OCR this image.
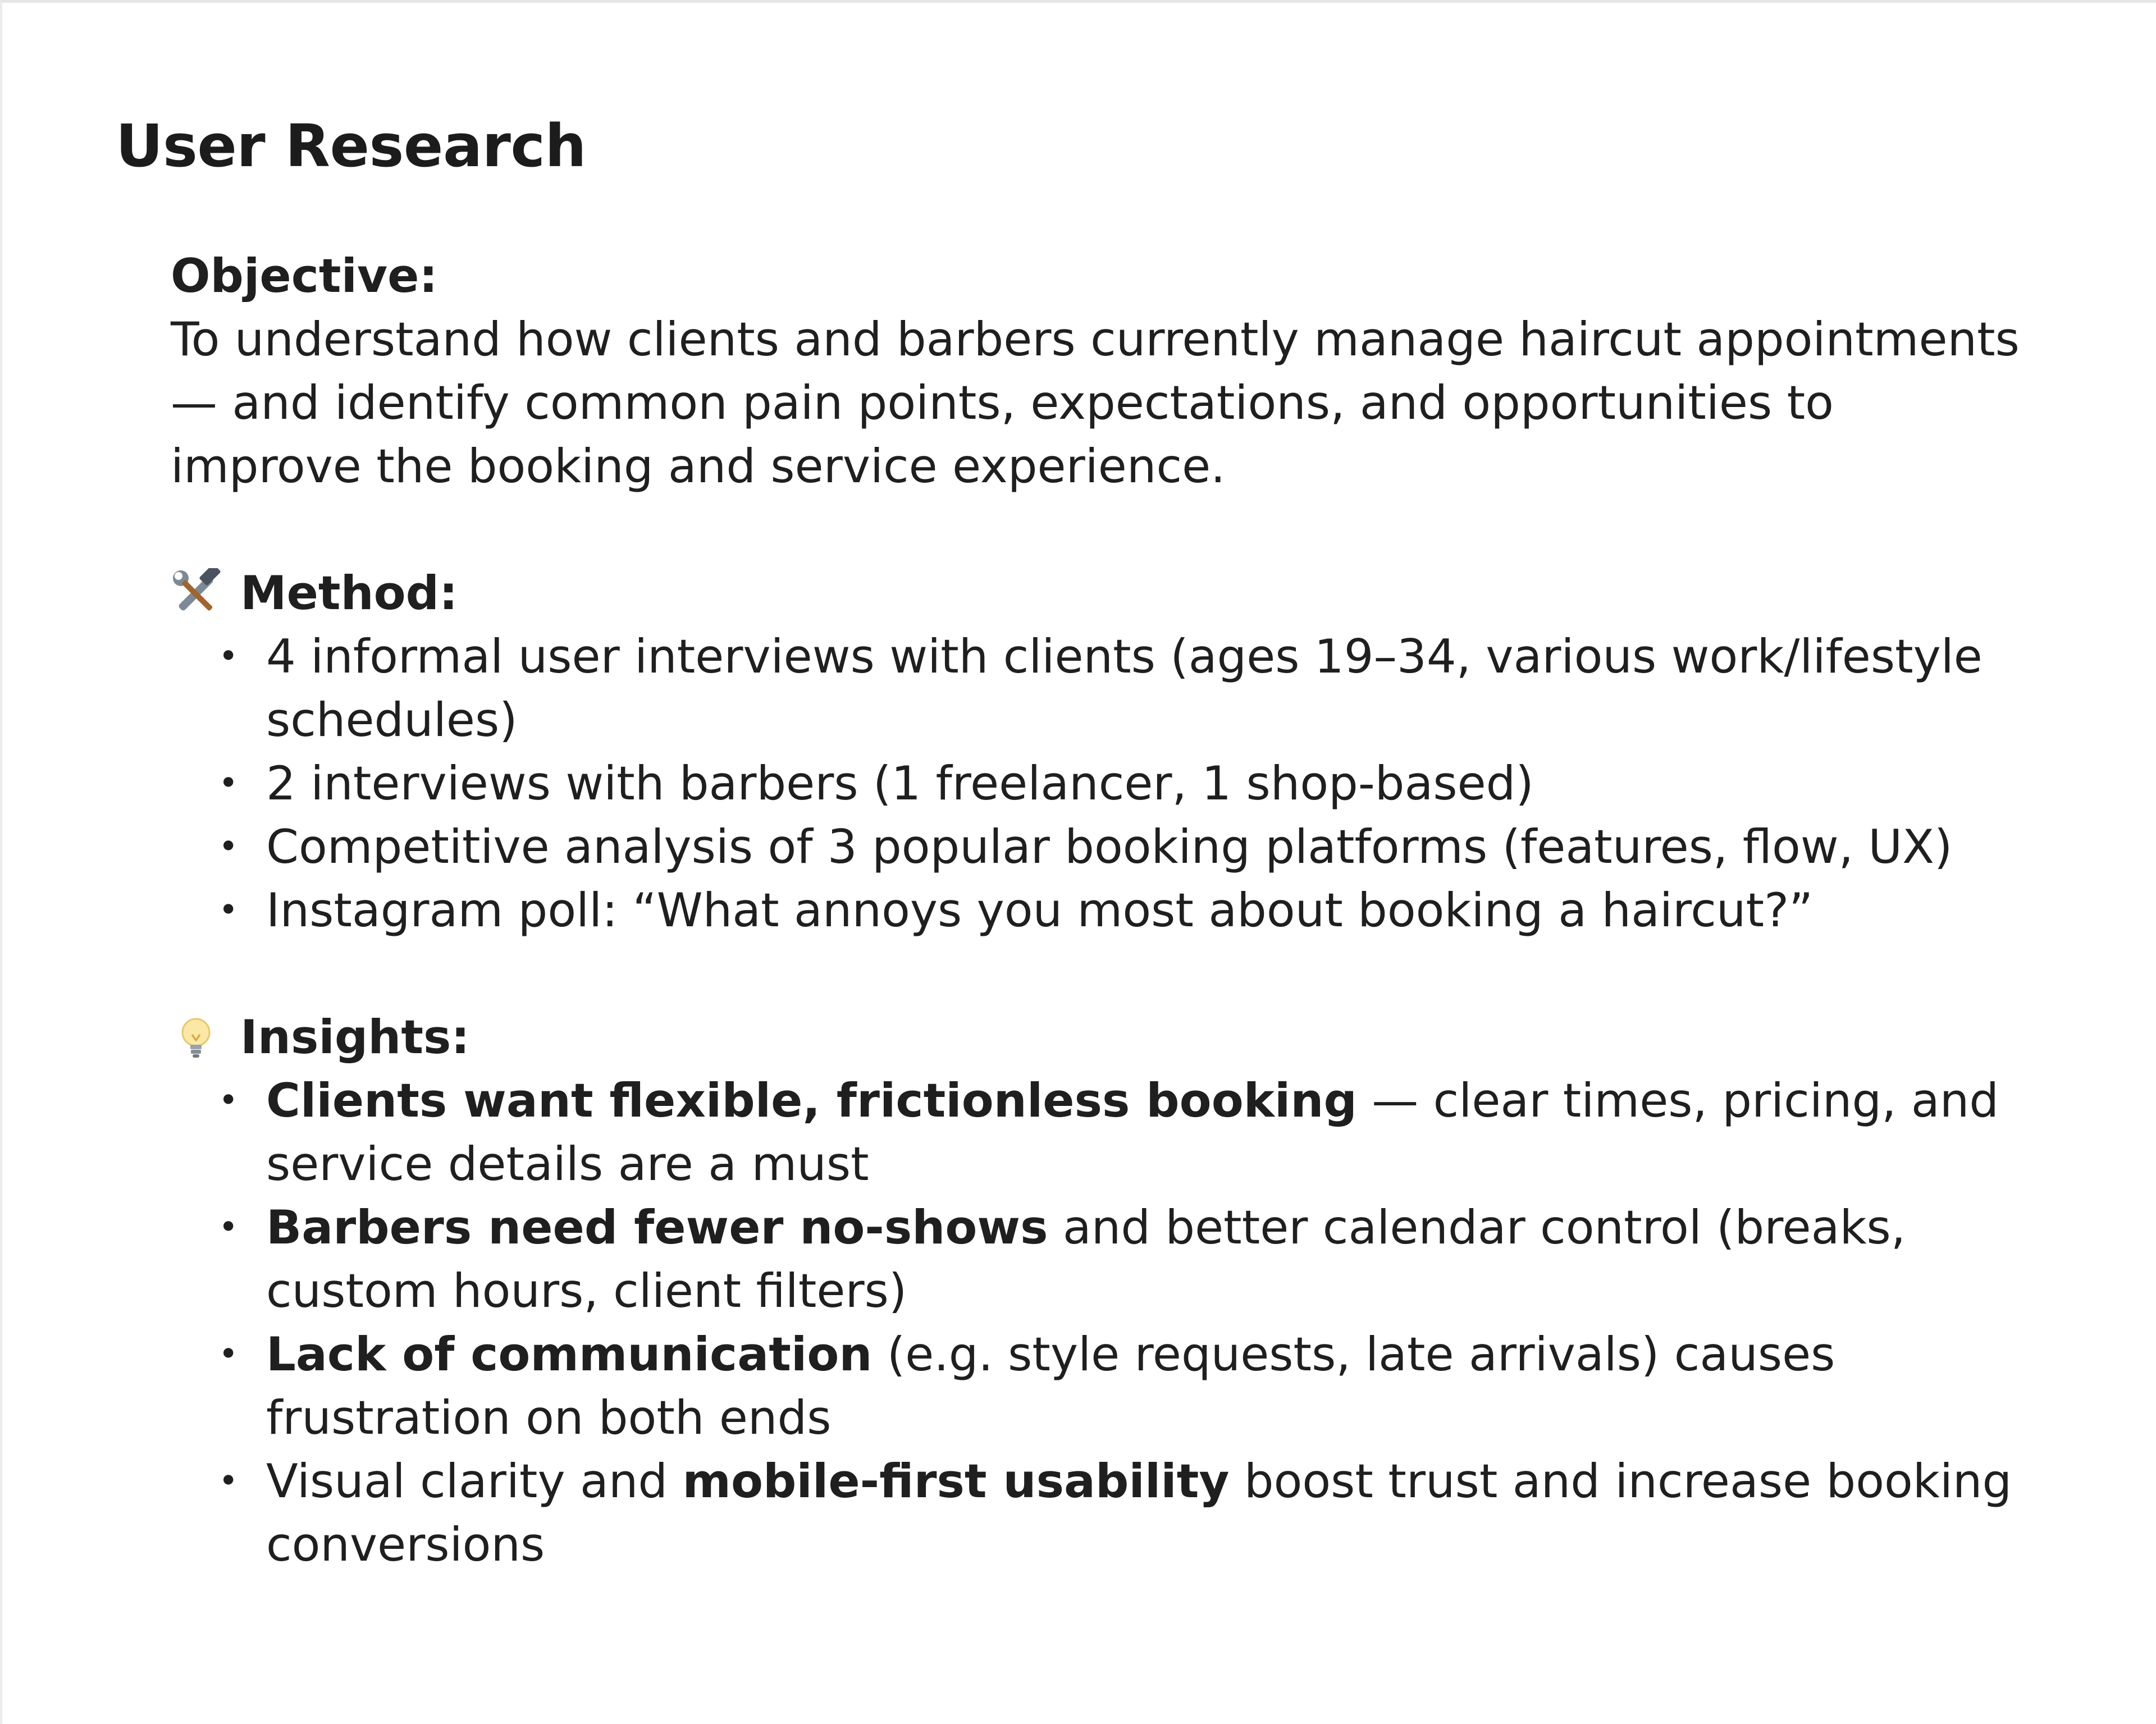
User Research
Objective:

To understand how clients and barbers currently manage haircut appointments — and identify common pain points, expectations, and opportunities to improve the booking and service experience.

Method:
• 4 informal user interviews with clients (ages 19–34, various work/lifestyle schedules)
• 2 interviews with barbers (1 freelancer, 1 shop-based)
• Competitive analysis of 3 popular booking platforms (features, flow, UX)
• Instagram poll: “What annoys you most about booking a haircut?”
Insights:
• Clients want flexible, frictionless booking — clear times, pricing, and service details are a must
• Barbers need fewer no-shows and better calendar control (breaks, custom hours, client filters)
• Lack of communication (e.g. style requests, late arrivals) causes frustration on both ends
• Visual clarity and mobile-first usability boost trust and increase booking conversions
